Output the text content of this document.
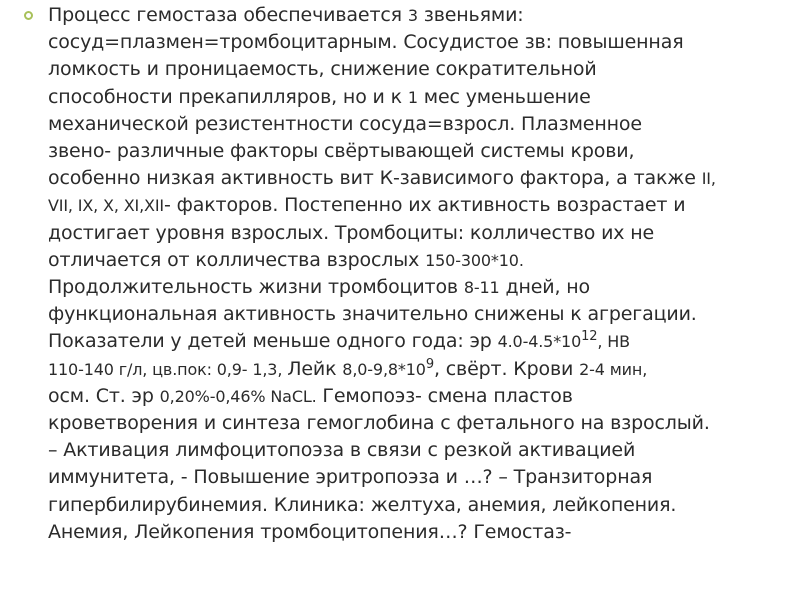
Процесс гемостаза обеспечивается 3 звеньями:
сосуд=плазмен=тромбоцитарным. Сосудистое зв: повышенная
ломкость и проницаемость, снижение сократительной
способности прекапилляров, но и к 1 мес уменьшение
механической резистентности сосуда=взросл. Плазменное
звено- различные факторы свёртывающей системы крови,
особенно низкая активность вит К-зависимого фактора, а также II,
VII, IX, X, XI,XII- факторов. Постепенно их активность возрастает и
достигает уровня взрослых. Тромбоциты: колличество их не
отличается от колличества взрослых 150-300*10.
Продолжительность жизни тромбоцитов 8-11 дней, но
функциональная активность значительно снижены к агрегации.
Показатели у детей меньше одного года: эр $4.0-4.5*10^{12}$, НВ
110-140 г/л, цв.пок: 0,9- 1,3, Лейк $8,0-9,8*10^9$, свёрт. Крови 2-4 мин,
осм. Ст. эр 0,20%-0,46% NaCL. Гемопоэз- смена пластов
кроветворения и синтеза гемоглобина с фетального на взрослый.
– Активация лимфоцитопоэза в связи с резкой активацией
иммунитета, - Повышение эритропоэза и …? – Транзиторная
гипербилирубинемия. Клиника: желтуха, анемия, лейкопения.
Анемия, Лейкопения тромбоцитопения…? Гемостаз-
